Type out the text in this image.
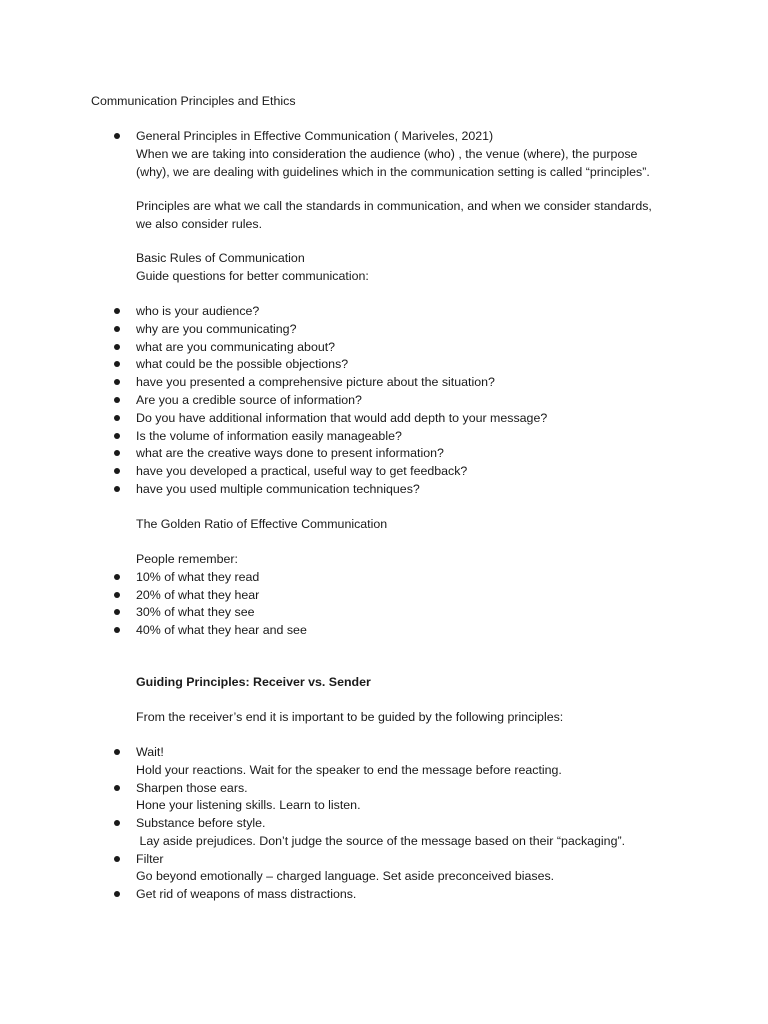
Communication Principles and Ethics
General Principles in Effective Communication ( Mariveles, 2021)
When we are taking into consideration the audience (who) , the venue (where), the purpose
(why), we are dealing with guidelines which in the communication setting is called “principles”.
Principles are what we call the standards in communication, and when we consider standards,
we also consider rules.
Basic Rules of Communication
Guide questions for better communication:
who is your audience?
why are you communicating?
what are you communicating about?
what could be the possible objections?
have you presented a comprehensive picture about the situation?
Are you a credible source of information?
Do you have additional information that would add depth to your message?
Is the volume of information easily manageable?
what are the creative ways done to present information?
have you developed a practical, useful way to get feedback?
have you used multiple communication techniques?
The Golden Ratio of Effective Communication
People remember:
10% of what they read
20% of what they hear
30% of what they see
40% of what they hear and see
Guiding Principles: Receiver vs. Sender
From the receiver’s end it is important to be guided by the following principles:
Wait!
Hold your reactions. Wait for the speaker to end the message before reacting.
Sharpen those ears.
Hone your listening skills. Learn to listen.
Substance before style.
Lay aside prejudices. Don’t judge the source of the message based on their “packaging”.
Filter
Go beyond emotionally – charged language. Set aside preconceived biases.
Get rid of weapons of mass distractions.
